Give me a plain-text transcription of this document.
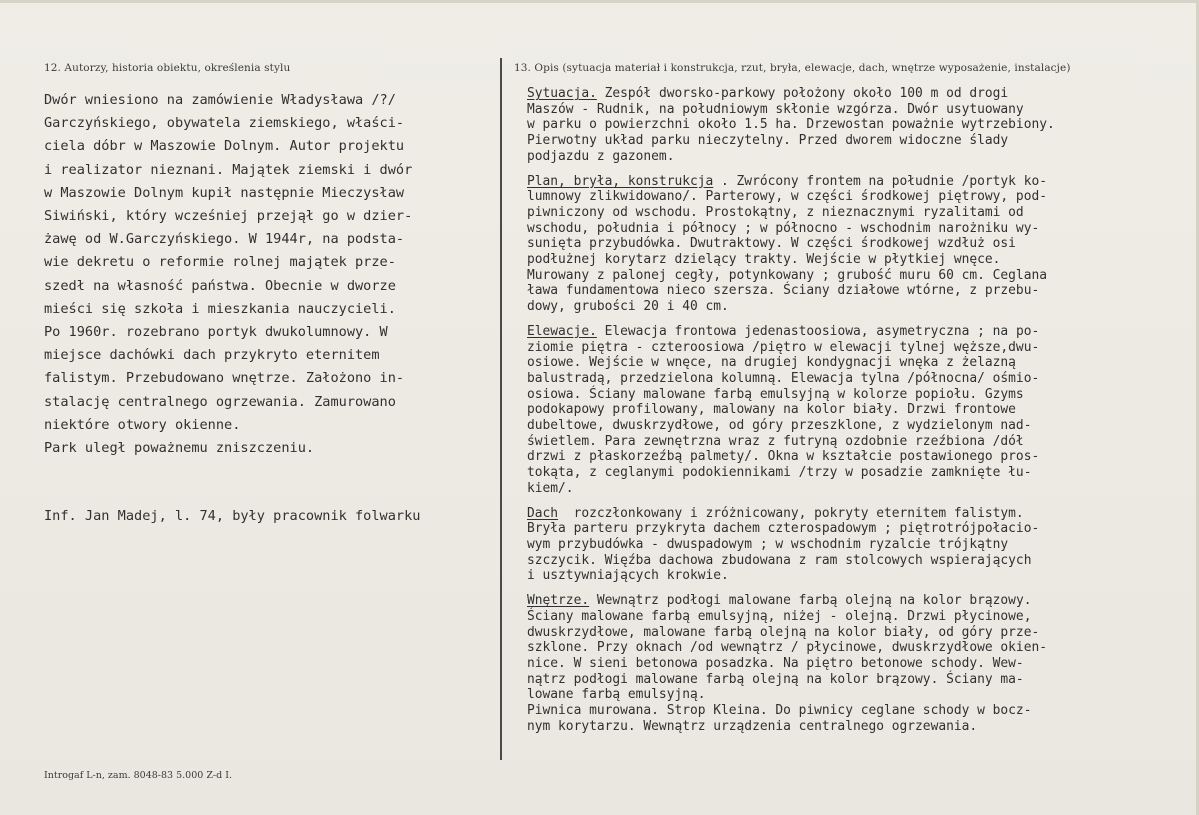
12. Autorzy, historia obiektu, określenia stylu	13. Opis (sytuacja materiał i konstrukcja, rzut, bryła, elewacje, dach, wnętrze wyposażenie, instalacje)
Dwór wniesiono na zamówienie Władysława /?/
Garczyńskiego, obywatela ziemskiego, właści-
ciela dóbr w Maszowie Dolnym. Autor projektu
i realizator nieznani. Majątek ziemski i dwór
w Maszowie Dolnym kupił następnie Mieczysław
Siwiński, który wcześniej przejął go w dzier-
żawę od W.Garczyńskiego. W 1944r, na podsta-
wie dekretu o reformie rolnej majątek prze-
szedł na własność państwa. Obecnie w dworze
mieści się szkoła i mieszkania nauczycieli.
Po 1960r. rozebrano portyk dwukolumnowy. W
miejsce dachówki dach przykryto eternitem
falistym. Przebudowano wnętrze. Założono in-
stalację centralnego ogrzewania. Zamurowano
niektóre otwory okienne.
Park uległ poważnemu zniszczeniu.
Inf. Jan Madej, l. 74, były pracownik folwarku
Sytuacja. Zespół dworsko-parkowy położony około 100 m od drogi
Maszów - Rudnik, na południowym skłonie wzgórza. Dwór usytuowany
w parku o powierzchni około 1.5 ha. Drzewostan poważnie wytrzebiony.
Pierwotny układ parku nieczytelny. Przed dworem widoczne ślady
podjazdu z gazonem.
Plan, bryła, konstrukcja . Zwrócony frontem na południe /portyk ko-
lumnowy zlikwidowano/. Parterowy, w części środkowej piętrowy, pod-
piwniczony od wschodu. Prostokątny, z nieznacznymi ryzalitami od
wschodu, południa i północy ; w północno - wschodnim narożniku wy-
sunięta przybudówka. Dwutraktowy. W części środkowej wzdłuż osi
podłużnej korytarz dzielący trakty. Wejście w płytkiej wnęce.
Murowany z palonej cegły, potynkowany ; grubość muru 60 cm. Ceglana
ława fundamentowa nieco szersza. Ściany działowe wtórne, z przebu-
dowy, grubości 20 i 40 cm.
Elewacje. Elewacja frontowa jedenastoosiowa, asymetryczna ; na po-
ziomie piętra - czteroosiowa /piętro w elewacji tylnej węższe,dwu-
osiowe. Wejście w wnęce, na drugiej kondygnacji wnęka z żelazną
balustradą, przedzielona kolumną. Elewacja tylna /północna/ ośmio-
osiowa. Ściany malowane farbą emulsyjną w kolorze popiołu. Gzyms
podokapowy profilowany, malowany na kolor biały. Drzwi frontowe
dubeltowe, dwuskrzydłowe, od góry przeszklone, z wydzielonym nad-
świetlem. Para zewnętrzna wraz z futryną ozdobnie rzeźbiona /dół
drzwi z płaskorzeźbą palmety/. Okna w kształcie postawionego pros-
tokąta, z ceglanymi podokiennikami /trzy w posadzie zamknięte łu-
kiem/.
Dach  rozczłonkowany i zróżnicowany, pokryty eternitem falistym.
Bryła parteru przykryta dachem czterospadowym ; piętrotrójpołacio-
wym przybudówka - dwuspadowym ; w wschodnim ryzalcie trójkątny
szczycik. Więźba dachowa zbudowana z ram stolcowych wspierających
i usztywniających krokwie.
Wnętrze. Wewnątrz podłogi malowane farbą olejną na kolor brązowy.
Ściany malowane farbą emulsyjną, niżej - olejną. Drzwi płycinowe,
dwuskrzydłowe, malowane farbą olejną na kolor biały, od góry prze-
szklone. Przy oknach /od wewnątrz / płycinowe, dwuskrzydłowe okien-
nice. W sieni betonowa posadzka. Na piętro betonowe schody. Wew-
nątrz podłogi malowane farbą olejną na kolor brązowy. Ściany ma-
lowane farbą emulsyjną.
Piwnica murowana. Strop Kleina. Do piwnicy ceglane schody w bocz-
nym korytarzu. Wewnątrz urządzenia centralnego ogrzewania.
Introgaf L-n, zam. 8048-83 5.000 Z-d I.
